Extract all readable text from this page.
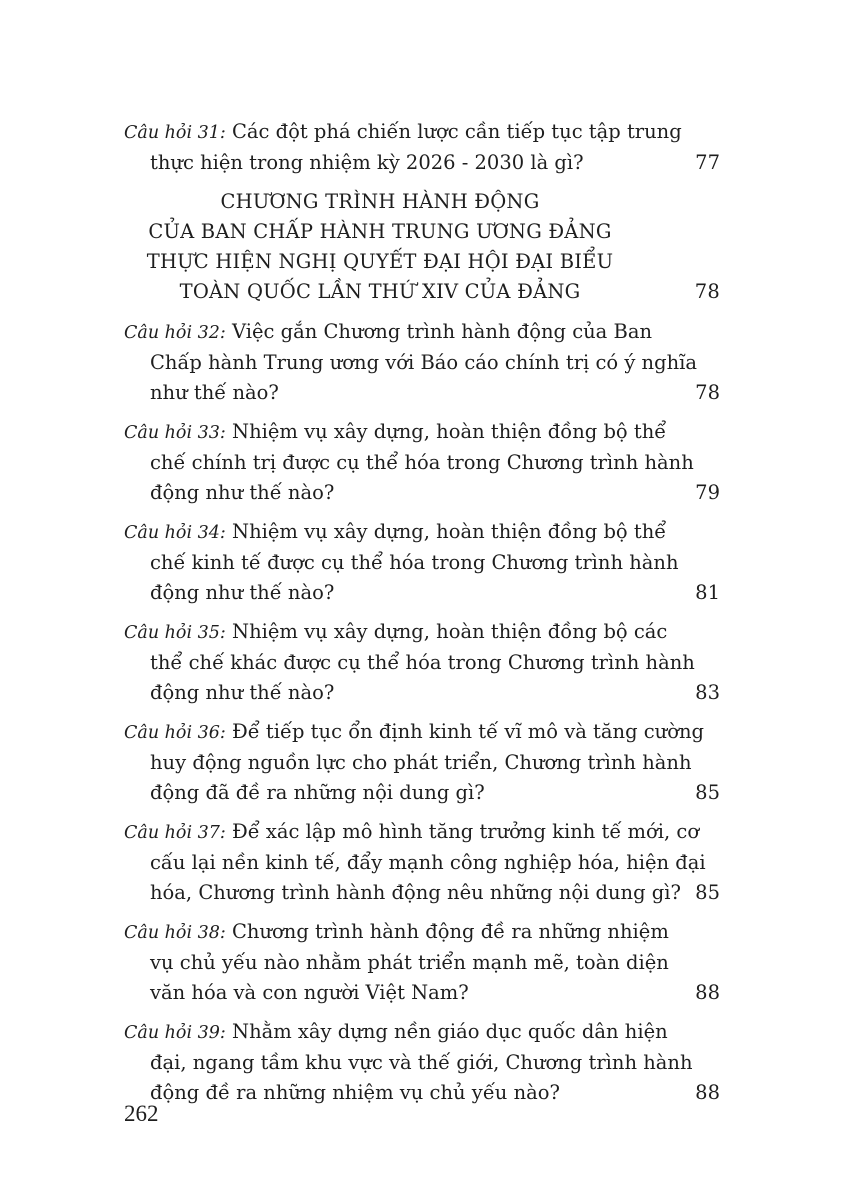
Câu hỏi 31: Các đột phá chiến lược cần tiếp tục tập trung
thực hiện trong nhiệm kỳ 2026 - 2030 là gì?	77
CHƯƠNG TRÌNH HÀNH ĐỘNG
CỦA BAN CHẤP HÀNH TRUNG ƯƠNG ĐẢNG
THỰC HIỆN NGHỊ QUYẾT ĐẠI HỘI ĐẠI BIỂU
TOÀN QUỐC LẦN THỨ XIV CỦA ĐẢNG	78
Câu hỏi 32: Việc gắn Chương trình hành động của Ban
Chấp hành Trung ương với Báo cáo chính trị có ý nghĩa
như thế nào?	78
Câu hỏi 33: Nhiệm vụ xây dựng, hoàn thiện đồng bộ thể
chế chính trị được cụ thể hóa trong Chương trình hành
động như thế nào?	79
Câu hỏi 34: Nhiệm vụ xây dựng, hoàn thiện đồng bộ thể
chế kinh tế được cụ thể hóa trong Chương trình hành
động như thế nào?	81
Câu hỏi 35: Nhiệm vụ xây dựng, hoàn thiện đồng bộ các
thể chế khác được cụ thể hóa trong Chương trình hành
động như thế nào?	83
Câu hỏi 36: Để tiếp tục ổn định kinh tế vĩ mô và tăng cường
huy động nguồn lực cho phát triển, Chương trình hành
động đã đề ra những nội dung gì?	85
Câu hỏi 37: Để xác lập mô hình tăng trưởng kinh tế mới, cơ
cấu lại nền kinh tế, đẩy mạnh công nghiệp hóa, hiện đại
hóa, Chương trình hành động nêu những nội dung gì? 85
Câu hỏi 38: Chương trình hành động đề ra những nhiệm
vụ chủ yếu nào nhằm phát triển mạnh mẽ, toàn diện
văn hóa và con người Việt Nam?	88
Câu hỏi 39: Nhằm xây dựng nền giáo dục quốc dân hiện
đại, ngang tầm khu vực và thế giới, Chương trình hành
động đề ra những nhiệm vụ chủ yếu nào?	88
262
